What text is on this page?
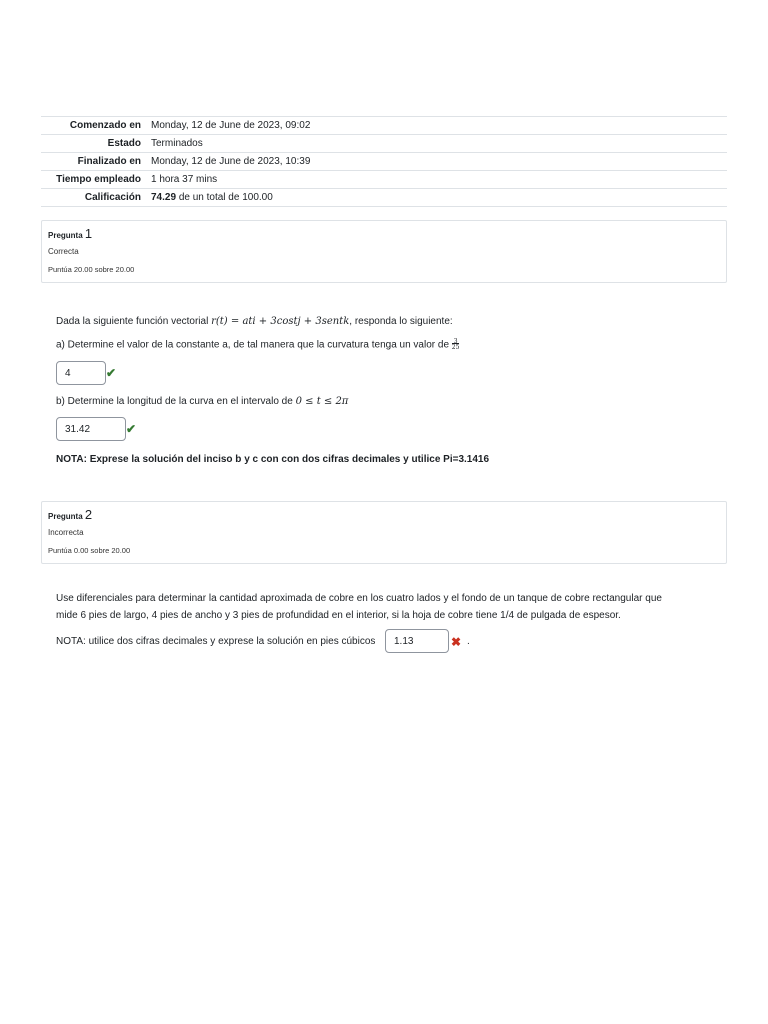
Comenzado en	Monday, 12 de June de 2023, 09:02
Estado	Terminados
Finalizado en	Monday, 12 de June de 2023, 10:39
Tiempo empleado	1 hora 37 mins
Calificación	74.29 de un total de 100.00
Pregunta 1
Correcta
Puntúa 20.00 sobre 20.00
Dada la siguiente función vectorial r(t) = ati + 3costj + 3sentk, responda lo siguiente:
a) Determine el valor de la constante a, de tal manera que la curvatura tenga un valor de 3
25
4	✔
b) Determine la longitud de la curva en el intervalo de 0 ≤ t ≤ 2π
31.42	✔
NOTA: Exprese la solución del inciso b y c con con dos cifras decimales y utilice Pi=3.1416
Pregunta 2
Incorrecta
Puntúa 0.00 sobre 20.00
Use diferenciales para determinar la cantidad aproximada de cobre en los cuatro lados y el fondo de un tanque de cobre rectangular que
mide 6 pies de largo, 4 pies de ancho y 3 pies de profundidad en el interior, si la hoja de cobre tiene 1/4 de pulgada de espesor.
NOTA: utilice dos cifras decimales y exprese la solución en pies cúbicos	1.13	✖ .
